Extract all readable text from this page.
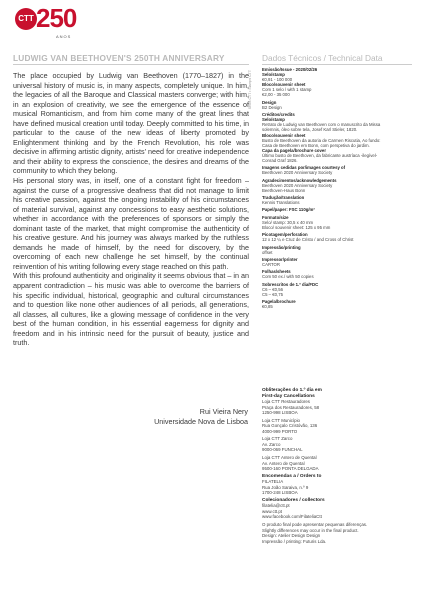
CTT 250
ANOS
LUDWIG VAN BEETHOVEN'S 250TH ANNIVERSARY	Dados Técnicos / Technical Data

The place occupied by Ludwig van Beethoven (1770–1827) in the universal history of music is, in many aspects, completely unique. In him, the legacies of all the Baroque and Classical masters converge; with him, in an explosion of creativity, we see the emergence of the essence of musical Romanticism, and from him come many of the great lines that have defined musical creation until today. Deeply committed to his time, in particular to the cause of the new ideas of liberty promoted by Enlightenment thinking and by the French Revolution, his role was decisive in affirming artistic dignity, artists' need for creative independence and their ability to express the conscience, the desires and dreams of the community to which they belong.

His personal story was, in itself, one of a constant fight for freedom – against the curse of a progressive deafness that did not manage to limit his creative passion, against the ongoing instability of his circumstances of material survival, against any concessions to easy aesthetic solutions, whether in accordance with the preferences of sponsors or simply the dominant taste of the market, that might compromise the authenticity of his creative gesture. And his journey was always marked by the ruthless demands he made of himself, by the need for discovery, by the overcoming of each new challenge he set himself, by the continual reinvention of his writing following every stage reached on this path.

With this profound authenticity and originality it seems obvious that – in an apparent contradiction – his music was able to overcome the barriers of his specific individual, historical, geographic and cultural circumstances and to question like none other audiences of all periods, all generations, all classes, all cultures, like a glowing message of confidence in the very best of the human condition, in his essential eagerness for dignity and freedom and in his intrinsic need for the pursuit of beauty, justice and truth.

Rui Vieira Nery
Universidade Nova de Lisboa
Emissão/Issue - 2020/02/26
Selo/stamp
€0,91 - 100 000
Bloco/souvenir sheet
Com 1 selo / with 1 stamp
€2,00 - 35 000
Design
B2 Design
Créditos/credits
Selo/stamp
Retrato de Ludwig van Beethoven com o manuscrito da Missa
solemnis, óleo sobre tela, Josef Karl Stieler, 1820.
Bloco/souvenir sheet
Busto de Beethoven da autoria de Carmen Riscutia, Ao fundo:
Casa de Beethoven em Bonn, com perspetiva do jardim.
Capa da pagela/brochure cover
Último busto de Beethoven, da fabricante austríaca -ilegível-
Conrad Graf 1826.
Imagens cedidas por/images courtesy of
Beethoven 2020 Anniversary Society
Agradecimentos/acknowledgements
Beethoven 2020 Anniversary Society
Beethoven-Haus Bonn
Tradução/translation
Kennis Translations
Papel/paper: FSC 110g/m²
Formato/size
Selo/ stamp: 30,5 x 40 mm
Bloco/ souvenir sheet: 125 x 95 mm
Picotagem/perforation
12 x 12 ¼ e Cruz de Cristo / and Cross of Christ
Impressão/printing
offset
Impressor/printer
CARTOR
Folhas/sheets
Com 50 ex./ with 50 copies
Sobrescritos de 1.º dia/FDC
C6 – €0,56
C5 – €0,75
Pagela/brochure
€0,85
Obliterações do 1.º dia em
First-day Cancellations
Loja CTT Restauradores
Praça dos Restauradores, 58
1250-998 LISBOA
Loja CTT Município
Rua Gonçalo Cristóvão, 136
4000-999 PORTO
Loja CTT Zarco
Av. Zarco
9000-069 FUNCHAL
Loja CTT Antero de Quental
Av. Antero de Quental
9500-160 PONTA DELGADA
Encomendas a / Orders to
FILATELIA
Rua João Saraiva, n.º 9
1700-248 LISBOA
Colecionadores / collectors
filatelia@ctt.pt
www.ctt.pt
www.facebook.com/FilateliaCtt
O produto final pode apresentar pequenas diferenças.
Slightly differences may occur in the final product.
Design: Atelier Design Design
Impressão / printing: Futuris Lda.
Selos CTT • Stamps CTT
